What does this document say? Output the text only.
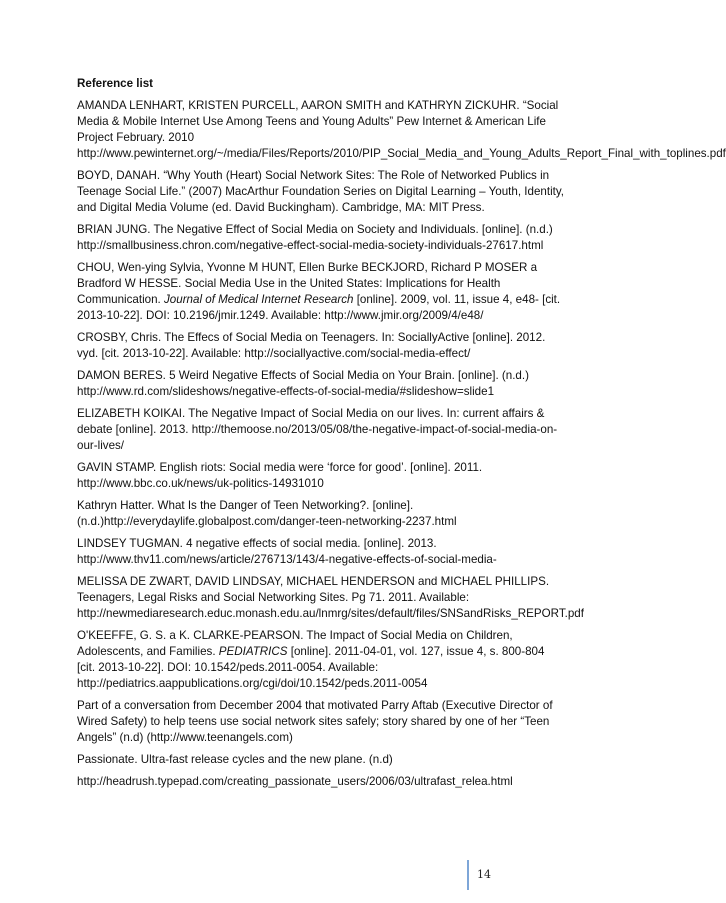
Reference list

AMANDA LENHART, KRISTEN PURCELL, AARON SMITH and KATHRYN ZICKUHR. “Social Media & Mobile Internet Use Among Teens and Young Adults” Pew Internet & American Life Project February. 2010 http://www.pewinternet.org/~/media/Files/Reports/2010/PIP_Social_Media_and_Young_Adults_Report_Final_with_toplines.pdf

BOYD, DANAH. “Why Youth (Heart) Social Network Sites: The Role of Networked Publics in Teenage Social Life.” (2007) MacArthur Foundation Series on Digital Learning – Youth, Identity, and Digital Media Volume (ed. David Buckingham). Cambridge, MA: MIT Press.

BRIAN JUNG. The Negative Effect of Social Media on Society and Individuals. [online]. (n.d.) http://smallbusiness.chron.com/negative-effect-social-media-society-individuals-27617.html

CHOU, Wen-ying Sylvia, Yvonne M HUNT, Ellen Burke BECKJORD, Richard P MOSER a Bradford W HESSE. Social Media Use in the United States: Implications for Health Communication. Journal of Medical Internet Research [online]. 2009, vol. 11, issue 4, e48- [cit. 2013-10-22]. DOI: 10.2196/jmir.1249. Available: http://www.jmir.org/2009/4/e48/

CROSBY, Chris. The Effecs of Social Media on Teenagers. In: SociallyActive [online]. 2012. vyd. [cit. 2013-10-22]. Available: http://sociallyactive.com/social-media-effect/

DAMON BERES. 5 Weird Negative Effects of Social Media on Your Brain. [online]. (n.d.) http://www.rd.com/slideshows/negative-effects-of-social-media/#slideshow=slide1

ELIZABETH KOIKAI. The Negative Impact of Social Media on our lives. In: current affairs & debate [online]. 2013. http://themoose.no/2013/05/08/the-negative-impact-of-social-media-on-our-lives/

GAVIN STAMP. English riots: Social media were ‘force for good’. [online]. 2011. http://www.bbc.co.uk/news/uk-politics-14931010

Kathryn Hatter. What Is the Danger of Teen Networking?. [online]. (n.d.)http://everydaylife.globalpost.com/danger-teen-networking-2237.html

LINDSEY TUGMAN. 4 negative effects of social media. [online]. 2013. http://www.thv11.com/news/article/276713/143/4-negative-effects-of-social-media-

MELISSA DE ZWART, DAVID LINDSAY, MICHAEL HENDERSON and MICHAEL PHILLIPS. Teenagers, Legal Risks and Social Networking Sites. Pg 71. 2011. Available: http://newmediaresearch.educ.monash.edu.au/lnmrg/sites/default/files/SNSandRisks_REPORT.pdf

O'KEEFFE, G. S. a K. CLARKE-PEARSON. The Impact of Social Media on Children, Adolescents, and Families. PEDIATRICS [online]. 2011-04-01, vol. 127, issue 4, s. 800-804 [cit. 2013-10-22]. DOI: 10.1542/peds.2011-0054. Available: http://pediatrics.aappublications.org/cgi/doi/10.1542/peds.2011-0054

Part of a conversation from December 2004 that motivated Parry Aftab (Executive Director of Wired Safety) to help teens use social network sites safely; story shared by one of her “Teen Angels” (n.d) (http://www.teenangels.com)

Passionate. Ultra-fast release cycles and the new plane. (n.d)

http://headrush.typepad.com/creating_passionate_users/2006/03/ultrafast_relea.html

14
